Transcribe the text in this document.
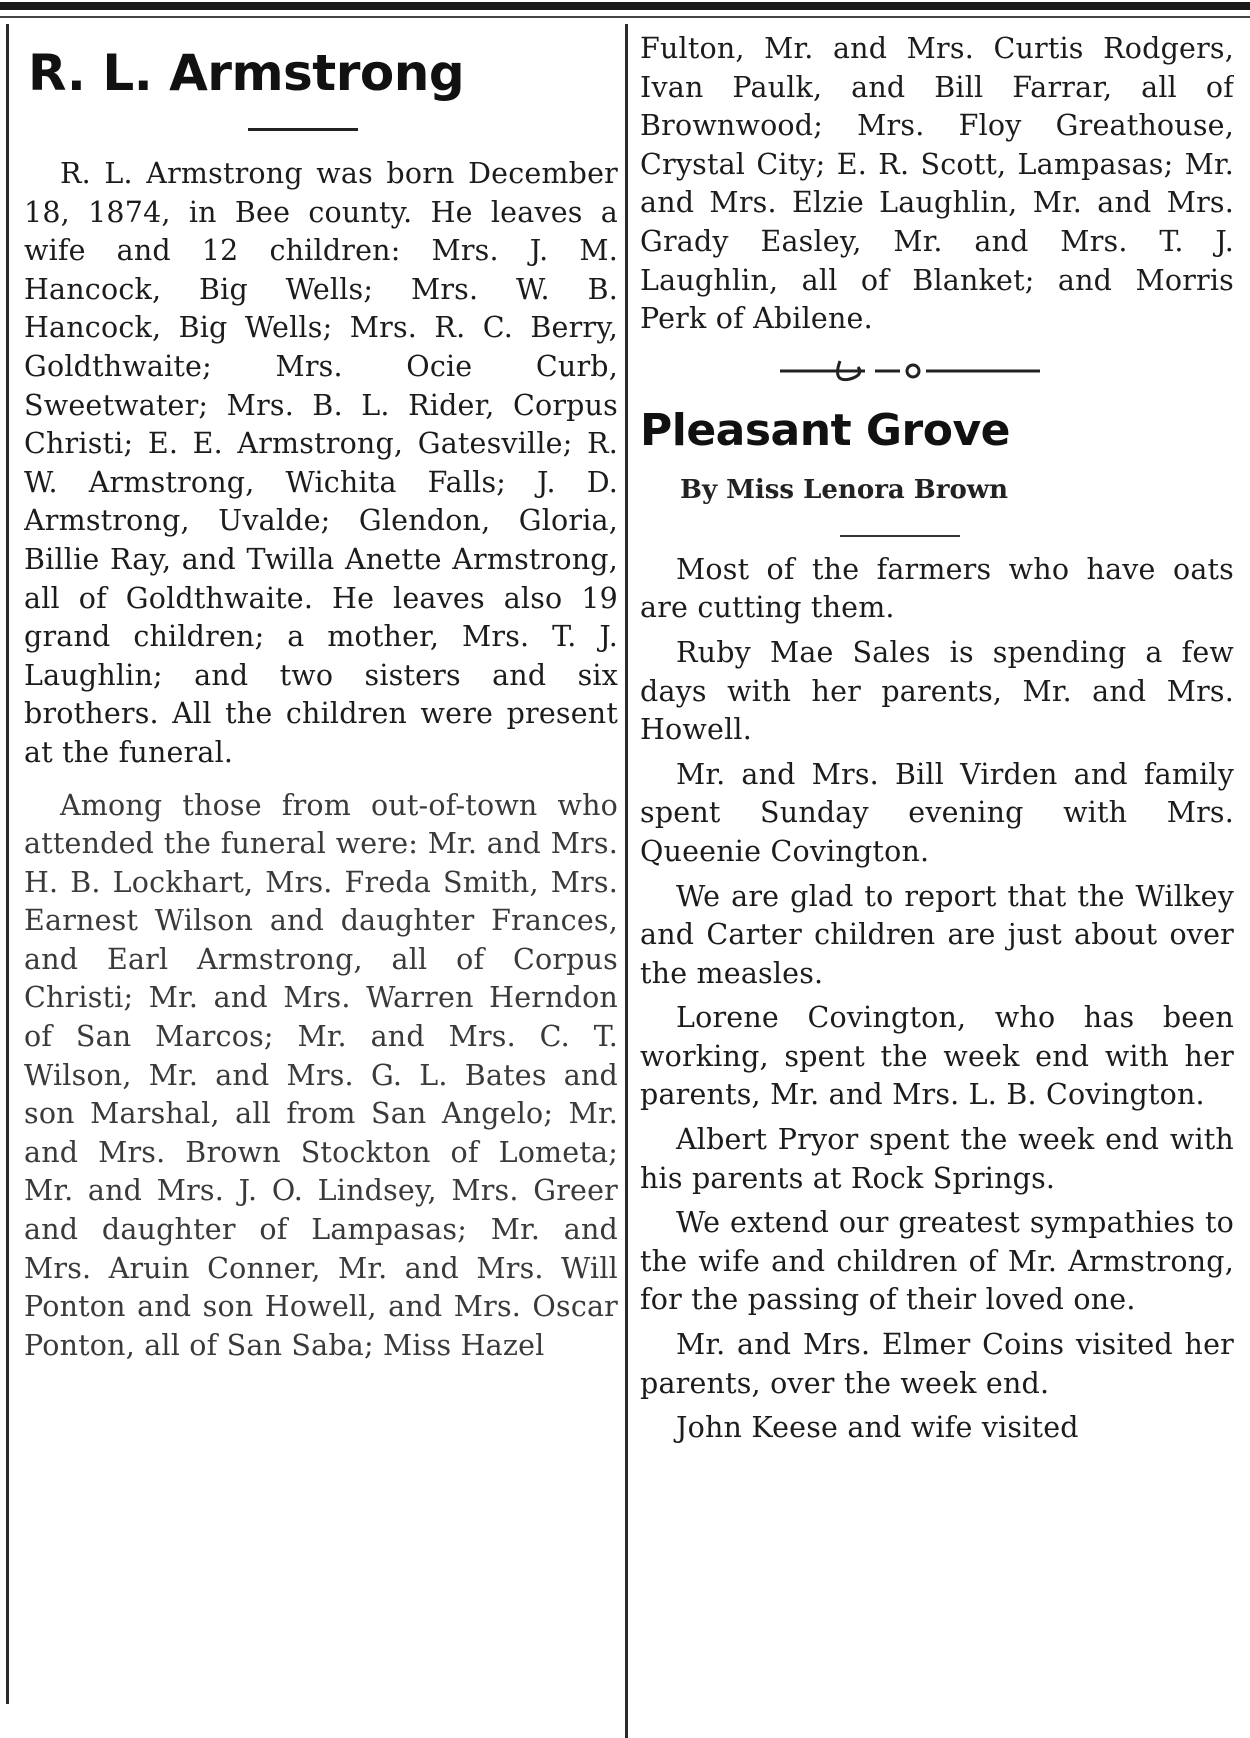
R. L. Armstrong

R. L. Armstrong was born December 18, 1874, in Bee county. He leaves a wife and 12 children: Mrs. J. M. Hancock, Big Wells; Mrs. W. B. Hancock, Big Wells; Mrs. R. C. Berry, Goldthwaite; Mrs. Ocie Curb, Sweetwater; Mrs. B. L. Rider, Corpus Christi; E. E. Armstrong, Gatesville; R. W. Armstrong, Wichita Falls; J. D. Armstrong, Uvalde; Glendon, Gloria, Billie Ray, and Twilla Anette Armstrong, all of Goldthwaite. He leaves also 19 grand children; a mother, Mrs. T. J. Laughlin; and two sisters and six brothers. All the children were present at the funeral.

Among those from out-of-town who attended the funeral were: Mr. and Mrs. H. B. Lockhart, Mrs. Freda Smith, Mrs. Earnest Wilson and daughter Frances, and Earl Armstrong, all of Corpus Christi; Mr. and Mrs. Warren Herndon of San Marcos; Mr. and Mrs. C. T. Wilson, Mr. and Mrs. G. L. Bates and son Marshal, all from San Angelo; Mr. and Mrs. Brown Stockton of Lometa; Mr. and Mrs. J. O. Lindsey, Mrs. Greer and daughter of Lampasas; Mr. and Mrs. Aruin Conner, Mr. and Mrs. Will Ponton and son Howell, and Mrs. Oscar Ponton, all of San Saba; Miss Hazel

Fulton, Mr. and Mrs. Curtis Rodgers, Ivan Paulk, and Bill Farrar, all of Brownwood; Mrs. Floy Greathouse, Crystal City; E. R. Scott, Lampasas; Mr. and Mrs. Elzie Laughlin, Mr. and Mrs. Grady Easley, Mr. and Mrs. T. J. Laughlin, all of Blanket; and Morris Perk of Abilene.

Pleasant Grove
By Miss Lenora Brown

Most of the farmers who have oats are cutting them.

Ruby Mae Sales is spending a few days with her parents, Mr. and Mrs. Howell.

Mr. and Mrs. Bill Virden and family spent Sunday evening with Mrs. Queenie Covington.

We are glad to report that the Wilkey and Carter children are just about over the measles.

Lorene Covington, who has been working, spent the week end with her parents, Mr. and Mrs. L. B. Covington.

Albert Pryor spent the week end with his parents at Rock Springs.

We extend our greatest sympathies to the wife and children of Mr. Armstrong, for the passing of their loved one.

Mr. and Mrs. Elmer Coins visited her parents, over the week end.

John Keese and wife visited
